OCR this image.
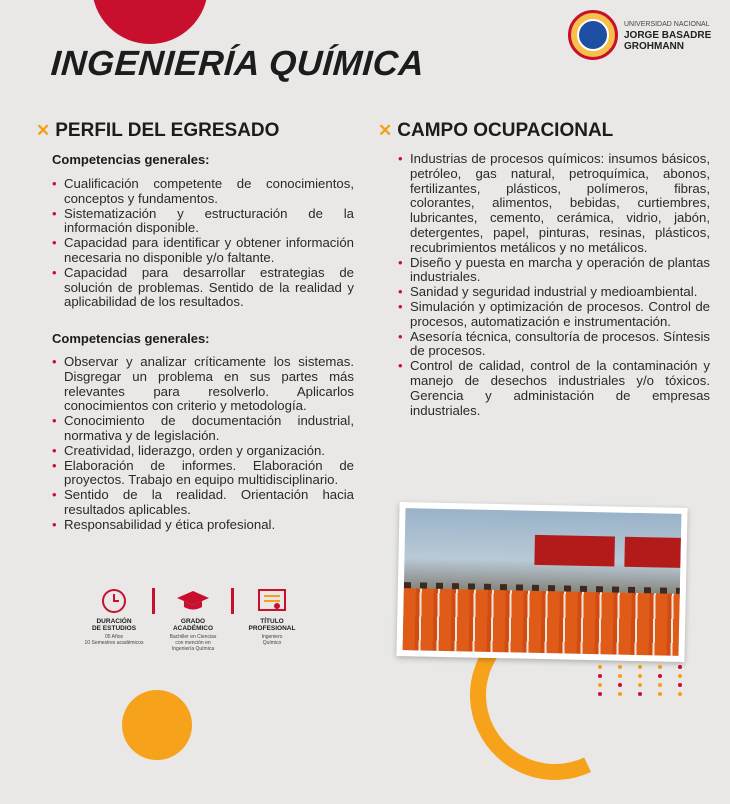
INGENIERÍA QUÍMICA
UNIVERSIDAD NACIONAL
JORGE BASADRE
GROHMANN
✕ PERFIL DEL EGRESADO
Competencias generales:
• Cualificación competente de conocimientos, conceptos y fundamentos.
• Sistematización y estructuración de la información disponible.
• Capacidad para identificar y obtener información necesaria no disponible y/o faltante.
• Capacidad para desarrollar estrategias de solución de problemas. Sentido de la realidad y aplicabilidad de los resultados.
Competencias generales:
• Observar y analizar críticamente los sistemas. Disgregar un problema en sus partes más relevantes para resolverlo. Aplicarlos conocimientos con criterio y metodología.
• Conocimiento de documentación industrial, normativa y de legislación.
• Creatividad, liderazgo, orden y organización.
• Elaboración de informes. Elaboración de proyectos. Trabajo en equipo multidisciplinario.
• Sentido de la realidad. Orientación hacia resultados aplicables.
• Responsabilidad y ética profesional.
✕ CAMPO OCUPACIONAL
• Industrias de procesos químicos: insumos básicos, petróleo, gas natural, petroquímica, abonos, fertilizantes, plásticos, polímeros, fibras, colorantes, alimentos, bebidas, curtiembres, lubricantes, cemento, cerámica, vidrio, jabón, detergentes, papel, pinturas, resinas, plásticos, recubrimientos metálicos y no metálicos.
• Diseño y puesta en marcha y operación de plantas industriales.
• Sanidad y seguridad industrial y medioambiental.
• Simulación y optimización de procesos. Control de procesos, automatización e instrumentación.
• Asesoría técnica, consultoría de procesos. Síntesis de procesos.
• Control de calidad, control de la contaminación y manejo de desechos industriales y/o tóxicos. Gerencia y administación de empresas industriales.
DURACIÓN
DE ESTUDIOS
05 Años
10 Semestres académicos
GRADO
ACADÉMICO
Bachiller en Ciencias
con mención en
Ingeniería Química
TÍTULO
PROFESIONAL
Ingeniero
Químico
